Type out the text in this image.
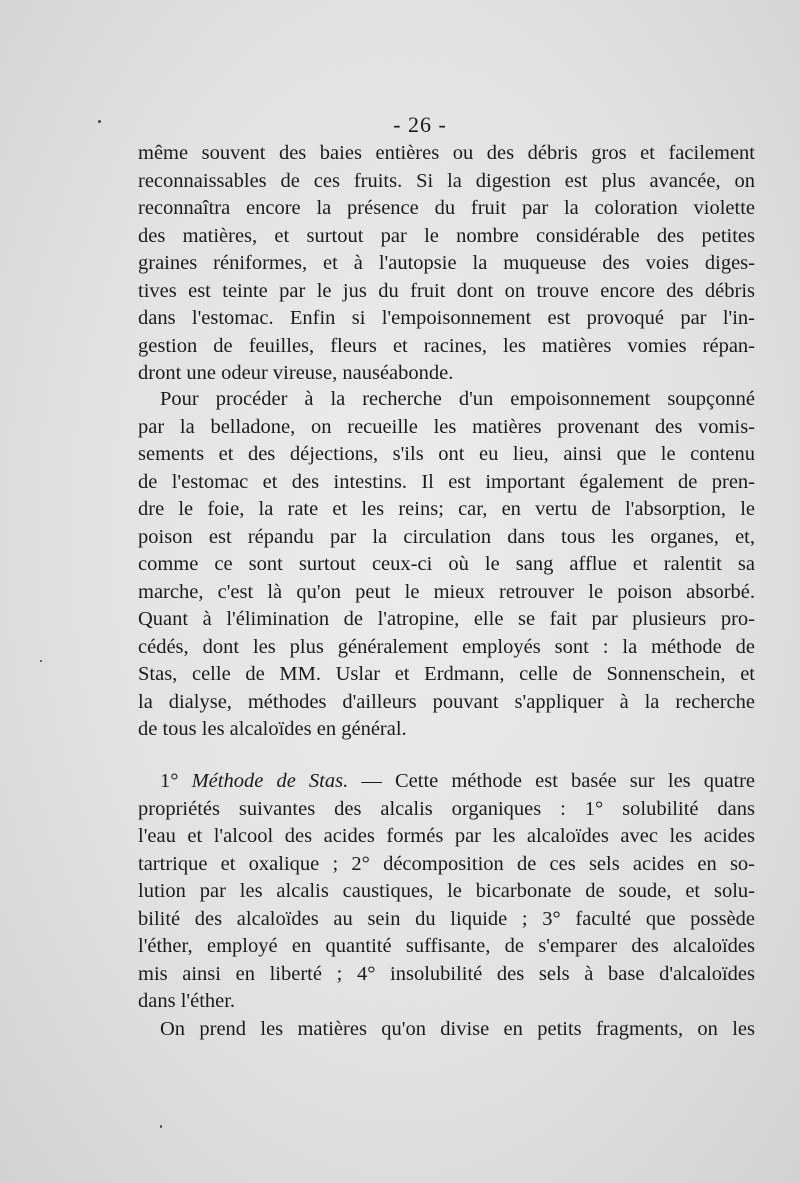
- 26 -
même souvent des baies entières ou des débris gros et facilement
reconnaissables de ces fruits. Si la digestion est plus avancée, on
reconnaîtra encore la présence du fruit par la coloration violette
des matières, et surtout par le nombre considérable des petites
graines réniformes, et à l'autopsie la muqueuse des voies diges-
tives est teinte par le jus du fruit dont on trouve encore des débris
dans l'estomac. Enfin si l'empoisonnement est provoqué par l'in-
gestion de feuilles, fleurs et racines, les matières vomies répan-
dront une odeur vireuse, nauséabonde.
Pour procéder à la recherche d'un empoisonnement soupçonné
par la belladone, on recueille les matières provenant des vomis-
sements et des déjections, s'ils ont eu lieu, ainsi que le contenu
de l'estomac et des intestins. Il est important également de pren-
dre le foie, la rate et les reins; car, en vertu de l'absorption, le
poison est répandu par la circulation dans tous les organes, et,
comme ce sont surtout ceux-ci où le sang afflue et ralentit sa
marche, c'est là qu'on peut le mieux retrouver le poison absorbé.
Quant à l'élimination de l'atropine, elle se fait par plusieurs pro-
cédés, dont les plus généralement employés sont : la méthode de
Stas, celle de MM. Uslar et Erdmann, celle de Sonnenschein, et
la dialyse, méthodes d'ailleurs pouvant s'appliquer à la recherche
de tous les alcaloïdes en général.
1° Méthode de Stas. — Cette méthode est basée sur les quatre
propriétés suivantes des alcalis organiques : 1° solubilité dans
l'eau et l'alcool des acides formés par les alcaloïdes avec les acides
tartrique et oxalique ; 2° décomposition de ces sels acides en so-
lution par les alcalis caustiques, le bicarbonate de soude, et solu-
bilité des alcaloïdes au sein du liquide ; 3° faculté que possède
l'éther, employé en quantité suffisante, de s'emparer des alcaloïdes
mis ainsi en liberté ; 4° insolubilité des sels à base d'alcaloïdes
dans l'éther.
On prend les matières qu'on divise en petits fragments, on les
